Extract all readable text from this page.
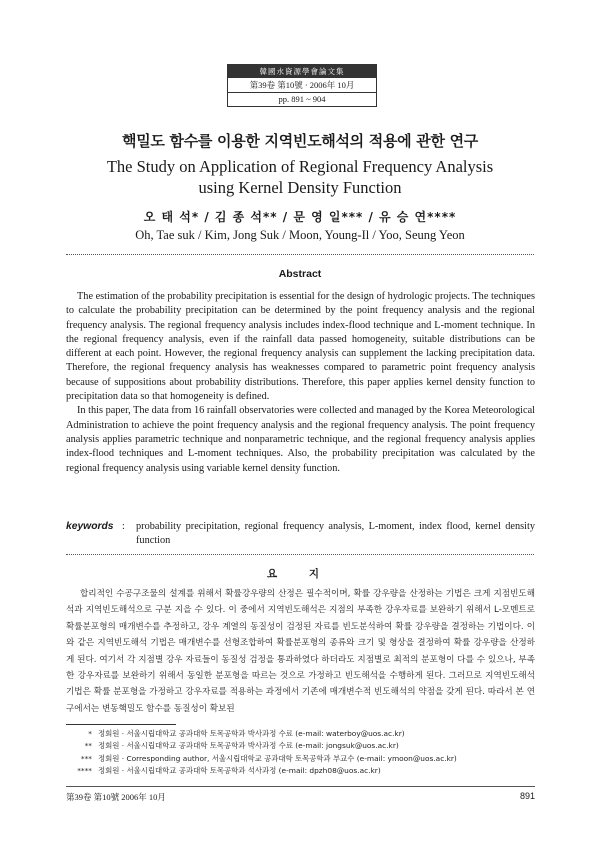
韓國水資源學會論文集
第39卷 第10號 · 2006年 10月
pp. 891 ~ 904
핵밀도 함수를 이용한 지역빈도해석의 적용에 관한 연구
The Study on Application of Regional Frequency Analysis
using Kernel Density Function
오 태 석* / 김 종 석** / 문 영 일*** / 유 승 연****
Oh, Tae suk / Kim, Jong Suk / Moon, Young-Il / Yoo, Seung Yeon
Abstract

The estimation of the probability precipitation is essential for the design of hydrologic projects. The techniques to calculate the probability precipitation can be determined by the point frequency analysis and the regional frequency analysis. The regional frequency analysis includes index-flood technique and L-moment technique. In the regional frequency analysis, even if the rainfall data passed homogeneity, suitable distributions can be different at each point. However, the regional frequency analysis can supplement the lacking precipitation data. Therefore, the regional frequency analysis has weaknesses compared to parametric point frequency analysis because of suppositions about probability distributions. Therefore, this paper applies kernel density function to precipitation data so that homogeneity is defined.

In this paper, The data from 16 rainfall observatories were collected and managed by the Korea Meteorological Administration to achieve the point frequency analysis and the regional frequency analysis. The point frequency analysis applies parametric technique and nonparametric technique, and the regional frequency analysis applies index-flood techniques and L-moment techniques. Also, the probability precipitation was calculated by the regional frequency analysis using variable kernel density function.

keywords :	probability precipitation, regional frequency analysis, L-moment, index flood, kernel density function
요 지
합리적인 수공구조물의 설계를 위해서 확률강우량의 산정은 필수적이며, 확률 강우량을 산정하는 기법은 크게 지점빈도해석과 지역빈도해석으로 구분 지을 수 있다. 이 중에서 지역빈도해석은 지점의 부족한 강우자료를 보완하기 위해서 L-모멘트로 확률분포형의 매개변수를 추정하고, 강우 계열의 동질성이 검정된 자료를 빈도분석하여 확률 강우량을 결정하는 기법이다. 이와 같은 지역빈도해석 기법은 매개변수를 선형조합하여 확률분포형의 종류와 크기 및 형상을 결정하여 확률 강우량을 산정하게 된다. 여기서 각 지점별 강우 자료들이 동질성 검정을 통과하였다 하더라도 지점별로 최적의 분포형이 다를 수 있으나, 부족한 강우자료를 보완하기 위해서 동일한 분포형을 따르는 것으로 가정하고 빈도해석을 수행하게 된다. 그러므로 지역빈도해석기법은 확률 분포형을 가정하고 강우자료를 적용하는 과정에서 기존에 매개변수적 빈도해석의 약점을 갖게 된다. 따라서 본 연구에서는 변동핵밀도 함수를 동질성이 확보된
* 정회원 · 서울시립대학교 공과대학 토목공학과 박사과정 수료 (e-mail: waterboy@uos.ac.kr)
** 정회원 · 서울시립대학교 공과대학 토목공학과 박사과정 수료 (e-mail: jongsuk@uos.ac.kr)
*** 정회원 · Corresponding author, 서울시립대학교 공과대학 토목공학과 부교수 (e-mail: ymoon@uos.ac.kr)
**** 정회원 · 서울시립대학교 공과대학 토목공학과 석사과정 (e-mail: dpzh08@uos.ac.kr)
第39卷 第10號 2006年 10月	891
